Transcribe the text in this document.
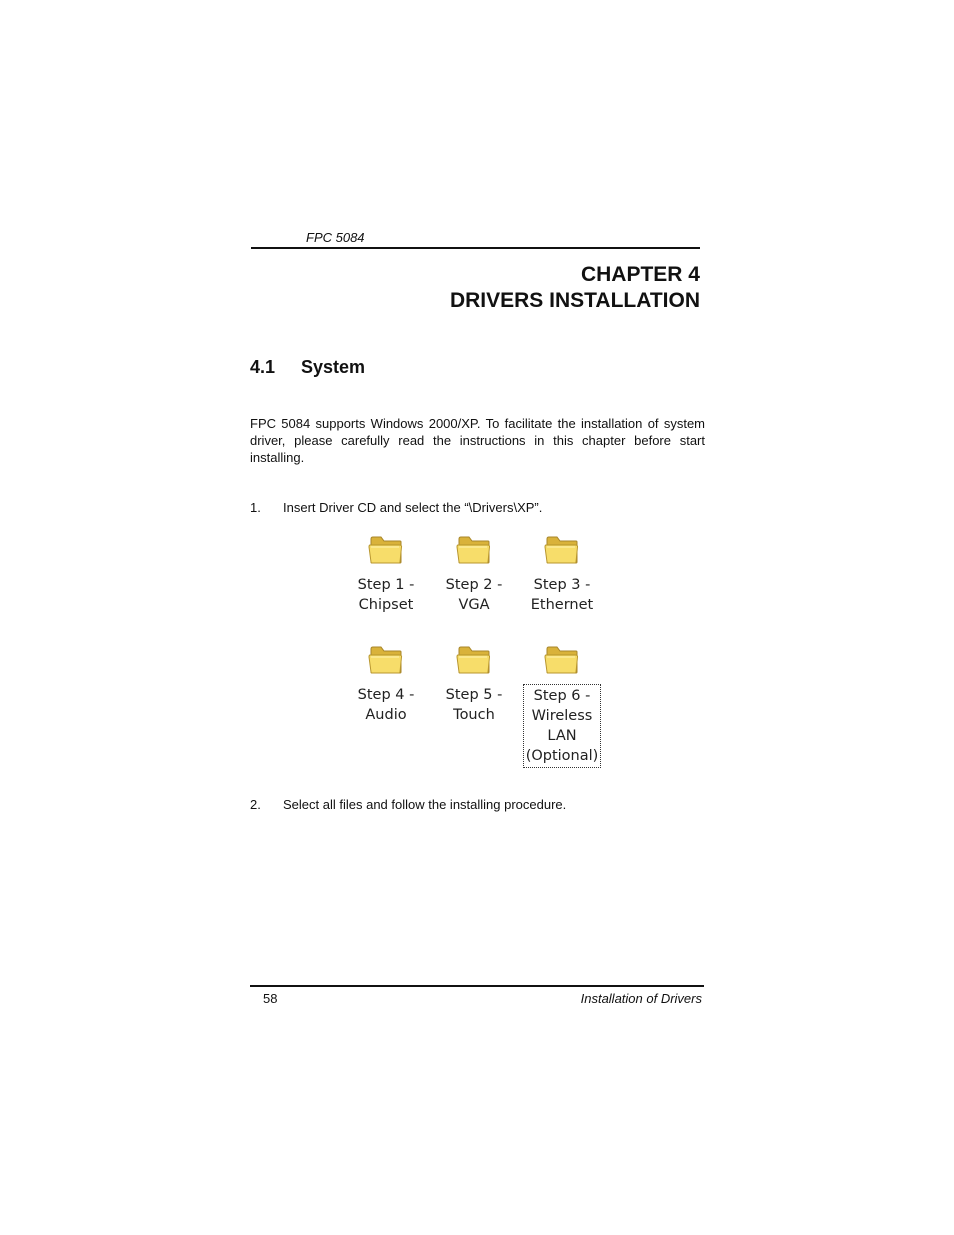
FPC 5084
CHAPTER 4
DRIVERS INSTALLATION
4.1 System
FPC 5084 supports Windows 2000/XP. To facilitate the installation of system driver, please carefully read the instructions in this chapter before start installing.
1. Insert Driver CD and select the “\Drivers\XP”.
Step 1 -
Chipset
Step 2 -
VGA
Step 3 -
Ethernet
Step 4 -
Audio
Step 5 -
Touch
Step 6 -
Wireless
LAN
(Optional)
2. Select all files and follow the installing procedure.
58	Installation of Drivers
